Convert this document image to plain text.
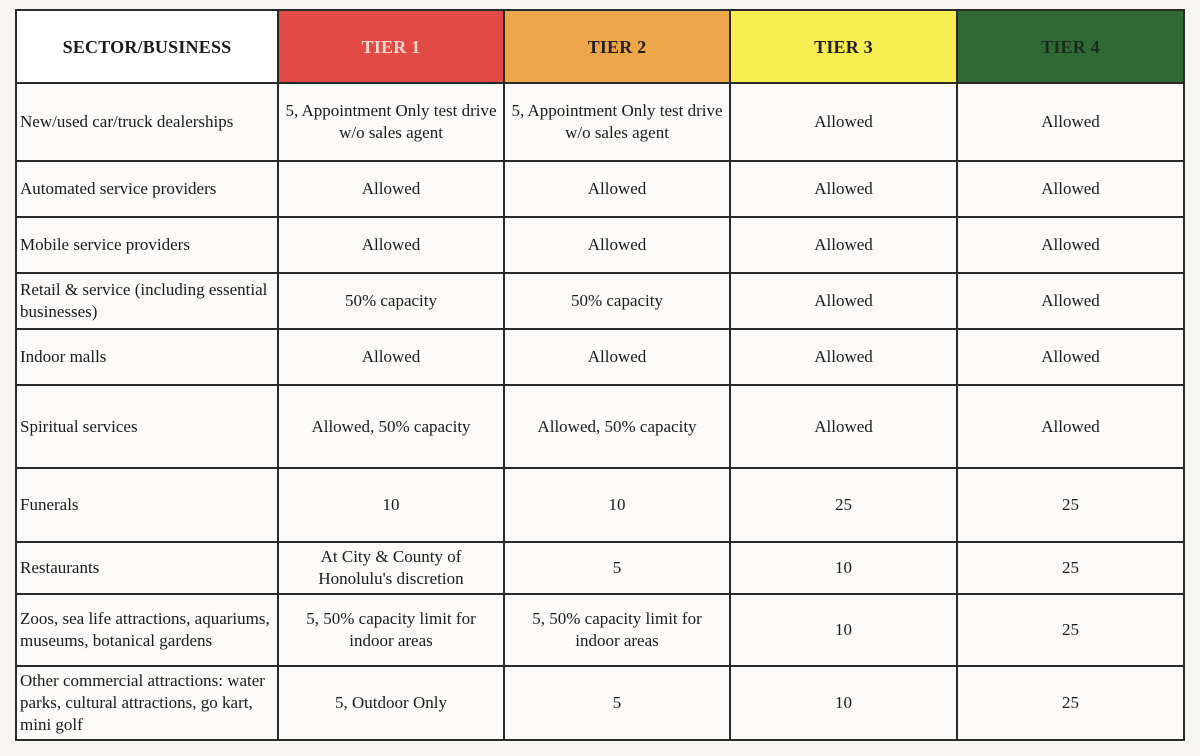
SECTOR/BUSINESS	TIER 1	TIER 2	TIER 3	TIER 4
New/used car/truck dealerships	5, Appointment Only test drive w/o sales agent	5, Appointment Only test drive w/o sales agent	Allowed	Allowed
Automated service providers	Allowed	Allowed	Allowed	Allowed
Mobile service providers	Allowed	Allowed	Allowed	Allowed
Retail & service (including essential businesses)	50% capacity	50% capacity	Allowed	Allowed
Indoor malls	Allowed	Allowed	Allowed	Allowed
Spiritual services	Allowed, 50% capacity	Allowed, 50% capacity	Allowed	Allowed
Funerals	10	10	25	25
Restaurants	At City & County of Honolulu's discretion	5	10	25
Zoos, sea life attractions, aquariums, museums, botanical gardens	5, 50% capacity limit for indoor areas	5, 50% capacity limit for indoor areas	10	25
Other commercial attractions: water parks, cultural attractions, go kart, mini golf	5, Outdoor Only	5	10	25
